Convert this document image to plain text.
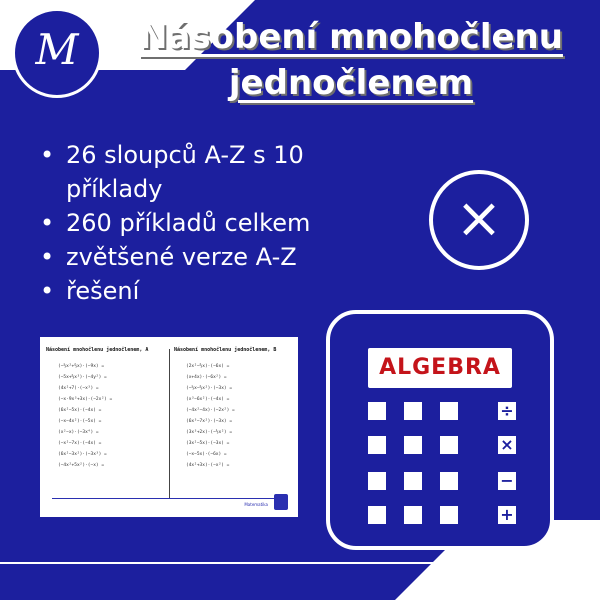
M	Násobení mnohočlenu
jednočlenem
• 26 sloupců A-Z s 10 příklady
• 260 příkladů celkem
• zvětšené verze A-Z
• řešení
×
Násobení mnohočlenu jednočlenem, A
(−⅓x²+⅔x)·(−9x) =
(−5x+⅔x³)·(−4y²) =
(4x²+7)·(−x³) =
(−x·9x³+3x)·(−2x²) =
(6x²−5x)·(−4x) =
(−x−4x²)·(−5x) =
(x²−x)·(−3x⁴) =
(−x²−7x)·(−4x) =
(6x²−3x²)·(−3x³) =
(−4x²+5x²)·(−x) =
Násobení mnohočlenu jednočlenem, B
(2x²−⅔x)·(−6x) =
(x+4x)·(−6x²) =
(−⅓x−⅔x²)·(−3x) =
(x³−6x²)·(−4x) =
(−4x²−4x)·(−2x²) =
(6x³−7x²)·(−3x) =
(3x³+2x)·(−⅓x²) =
(3x²−5x)·(−3x) =
(−x−5x)·(−6x) =
(4x²+3x)·(−x²) =
Matematika
ALGEBRA
÷
×
−
+
